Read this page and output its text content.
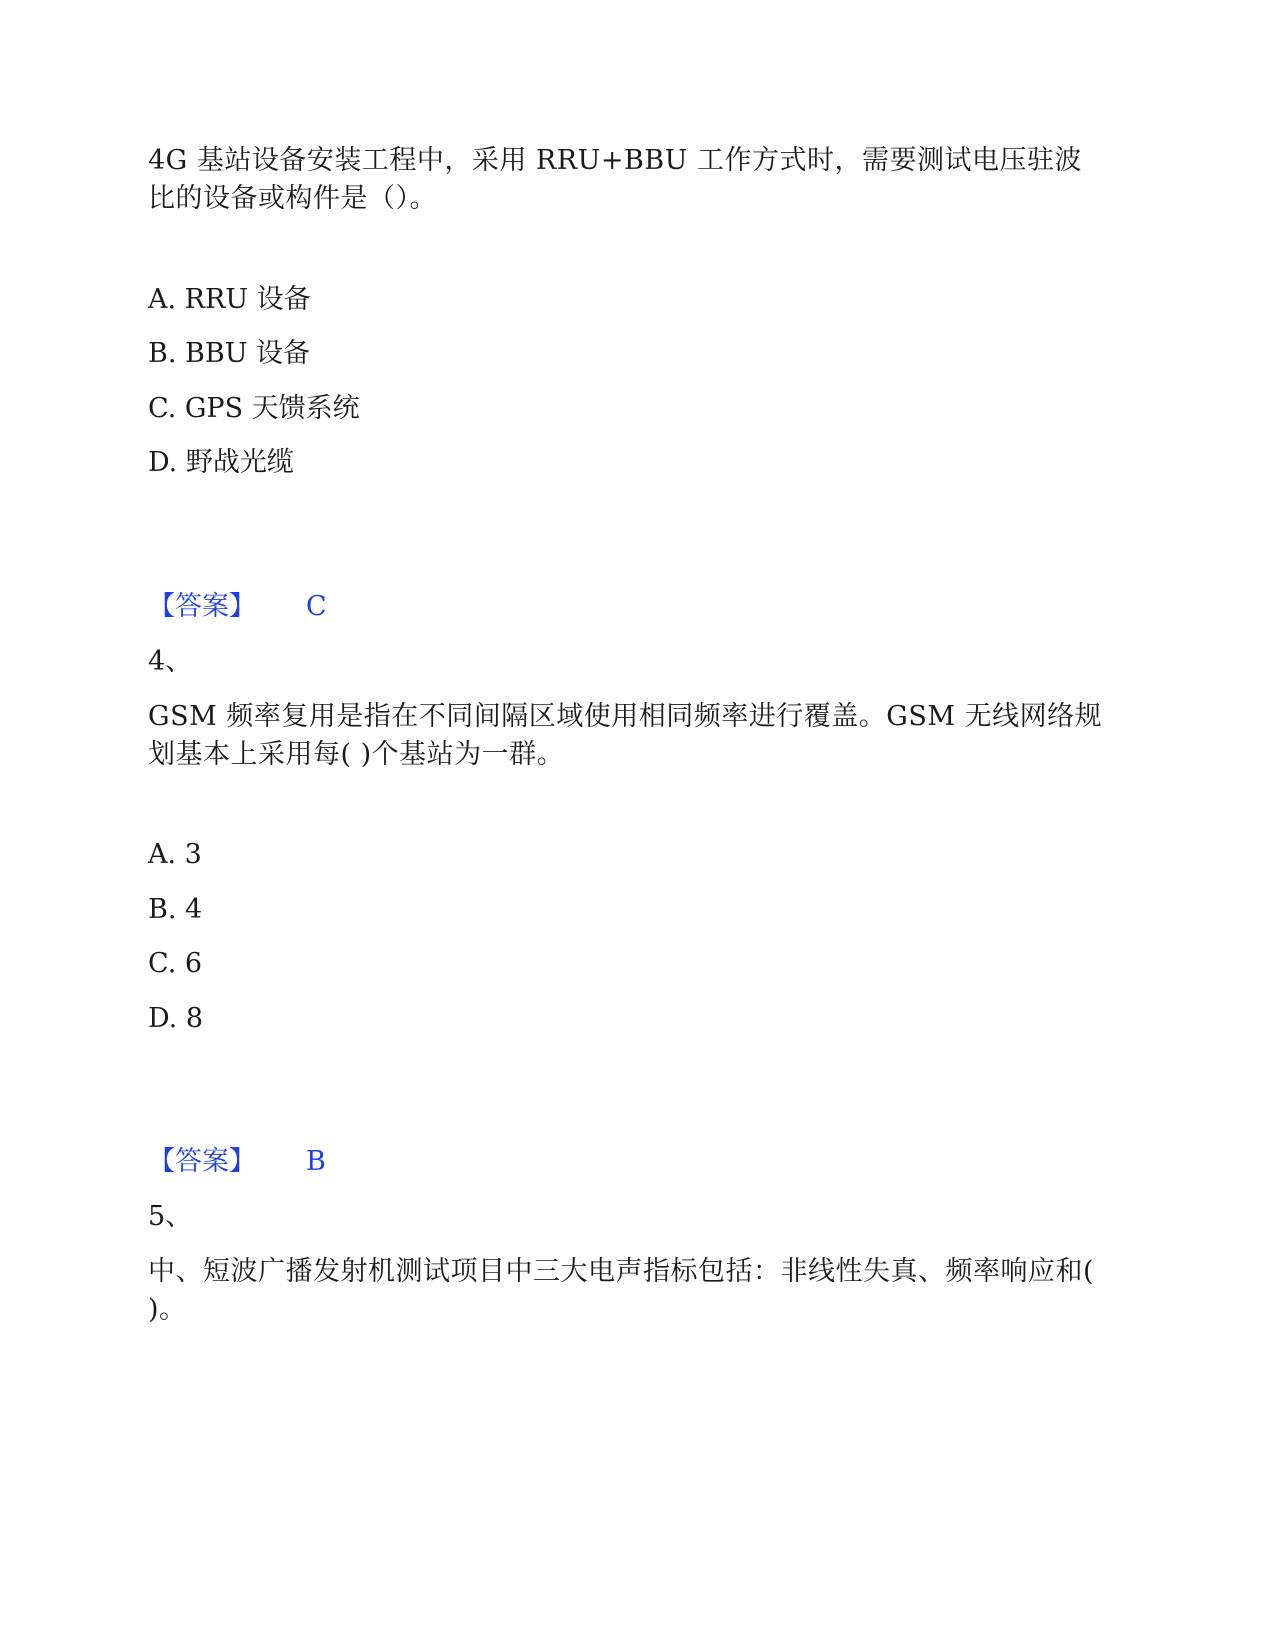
4G 基站设备安装工程中，采用 RRU+BBU 工作方式时，需要测试电压驻波比的设备或构件是（）。

A. RRU 设备

B. BBU 设备

C. GPS 天馈系统

D. 野战光缆

【答案】 C
4、

GSM 频率复用是指在不同间隔区域使用相同频率进行覆盖。GSM 无线网络规划基本上采用每( )个基站为一群。

A. 3

B. 4

C. 6

D. 8

【答案】 B
5、

中、短波广播发射机测试项目中三大电声指标包括：非线性失真、频率响应和( )。
